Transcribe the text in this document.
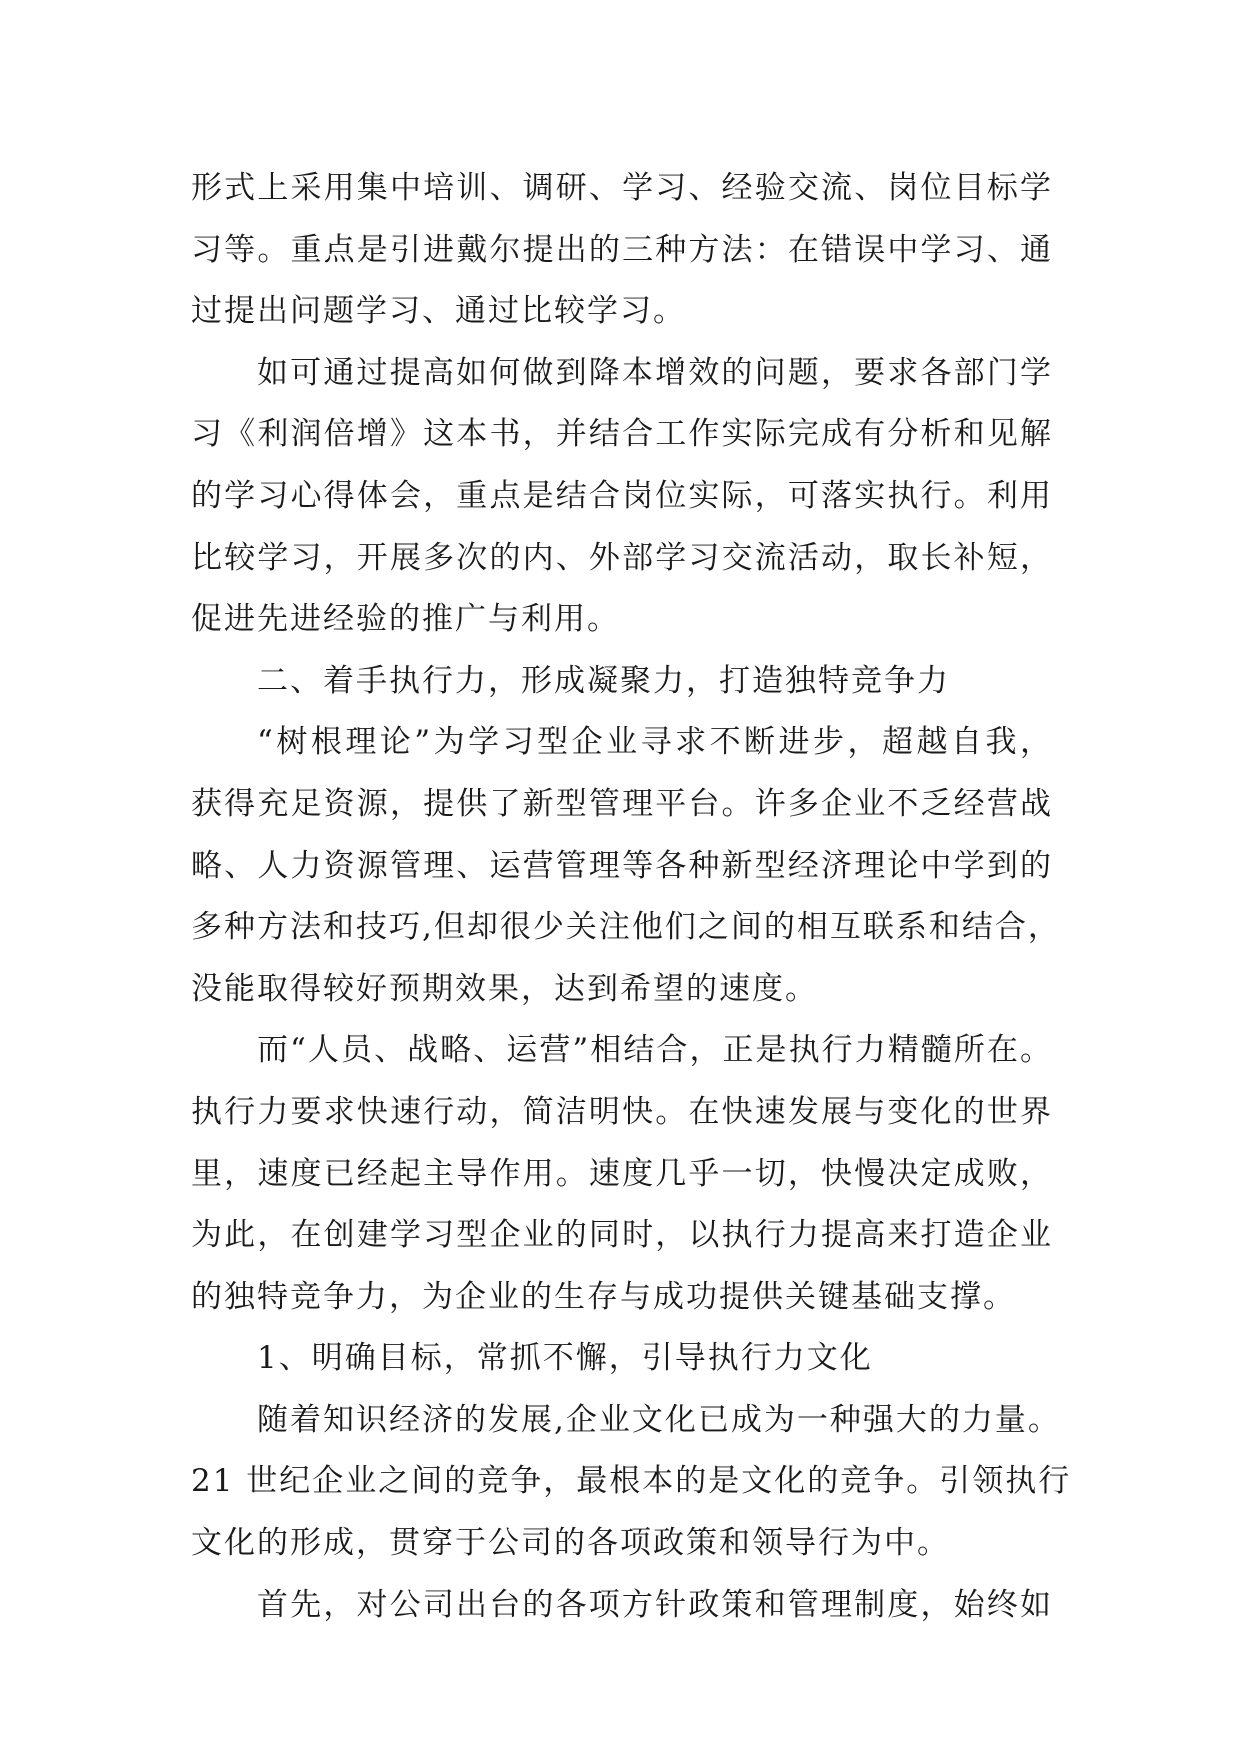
形式上采用集中培训、调研、学习、经验交流、岗位目标学
习等。重点是引进戴尔提出的三种方法：在错误中学习、通
过提出问题学习、通过比较学习。
如可通过提高如何做到降本增效的问题，要求各部门学
习《利润倍增》这本书，并结合工作实际完成有分析和见解
的学习心得体会，重点是结合岗位实际，可落实执行。利用
比较学习，开展多次的内、外部学习交流活动，取长补短，
促进先进经验的推广与利用。
二、着手执行力，形成凝聚力，打造独特竞争力
“树根理论”为学习型企业寻求不断进步，超越自我，
获得充足资源，提供了新型管理平台。许多企业不乏经营战
略、人力资源管理、运营管理等各种新型经济理论中学到的
多种方法和技巧,但却很少关注他们之间的相互联系和结合，
没能取得较好预期效果，达到希望的速度。
而“人员、战略、运营”相结合，正是执行力精髓所在。
执行力要求快速行动，简洁明快。在快速发展与变化的世界
里，速度已经起主导作用。速度几乎一切，快慢决定成败，
为此，在创建学习型企业的同时，以执行力提高来打造企业
的独特竞争力，为企业的生存与成功提供关键基础支撑。
1、明确目标，常抓不懈，引导执行力文化
随着知识经济的发展,企业文化已成为一种强大的力量。
21 世纪企业之间的竞争，最根本的是文化的竞争。引领执行
文化的形成，贯穿于公司的各项政策和领导行为中。
首先，对公司出台的各项方针政策和管理制度，始终如
